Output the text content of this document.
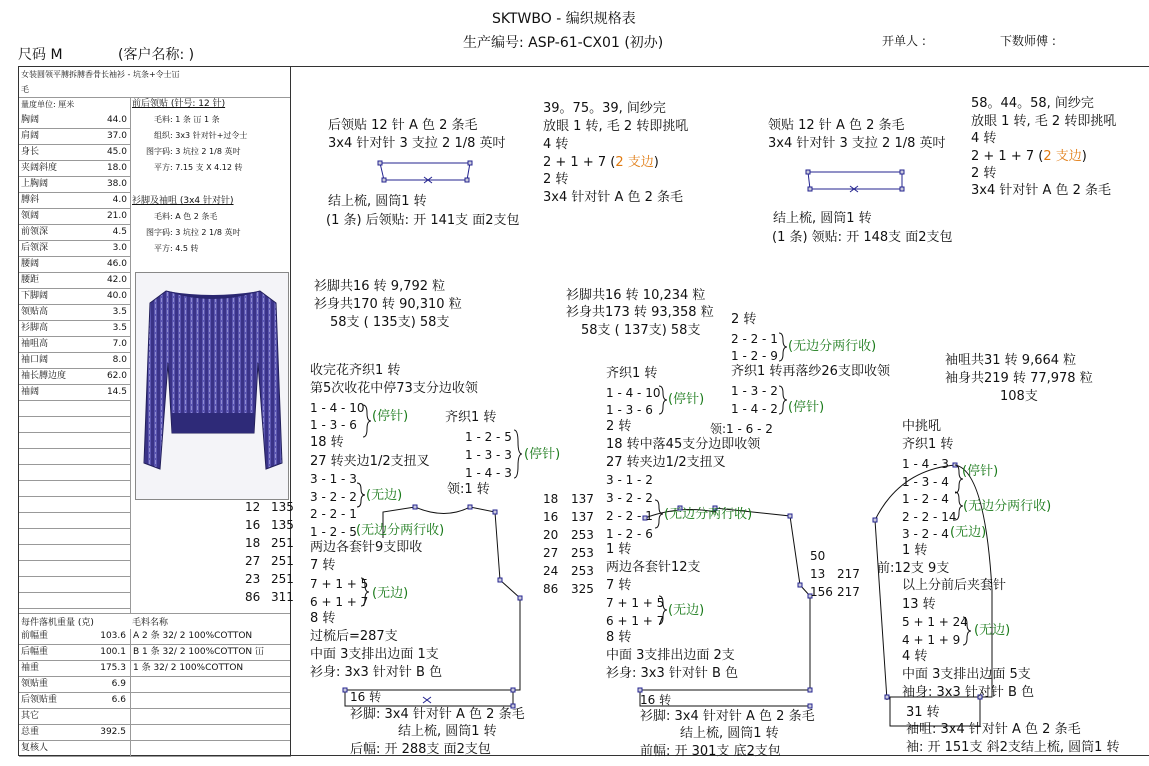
SKTWBO - 编织规格表
生产编号: ASP-61-CX01 (初办)	开单人 :	下数师傅 :
尺码 M	(客户名称: )
女装圆领平膊拆膊香骨长袖衫 - 坑条+令士冚
毛
量度单位: 厘米
胸阔	44.0
肩阔	37.0
身长	45.0
夹阔斜度	18.0
上胸阔	38.0
膊斜	4.0
领阔	21.0
前领深	4.5
后领深	3.0
腰阔	46.0
腰距	42.0
下脚阔	40.0
领贴高	3.5
衫脚高	3.5
袖咀高	7.0
袖口阔	8.0
袖长膊边度	62.0
袖阔	14.5
前后领贴 (针号: 12 针)
毛料: 1 条 冚 1 条
组织: 3x3 针对针+过令士
图字码: 3 坑拉 2 1/8 英吋
平方: 7.15 支 X 4.12 转
衫脚及袖咀 (3x4 针对针)
毛料: A 色 2 条毛
图字码: 3 坑拉 2 1/8 英吋
平方: 4.5 转
每件落机重量 (克)	毛料名称
前幅重	103.6 A 2 条 32/ 2 100%COTTON
后幅重	100.1 B 1 条 32/ 2 100%COTTON 冚
袖重	175.3 1 条 32/ 2 100%COTTON
领贴重	6.9
后领贴重	6.6
其它
总重	392.5
复核人
后领贴 12 针 A 色 2 条毛
3x4 针对针 3 支拉 2 1/8 英吋
结上梳, 圆筒1 转
(1 条) 后领贴: 开 141支 面2支包
39。75。39, 间纱完
放眼 1 转, 毛 2 转即挑吼
4 转
2 + 1 + 7 (2 支边)
2 转
3x4 针对针 A 色 2 条毛
领贴 12 针 A 色 2 条毛
3x4 针对针 3 支拉 2 1/8 英吋
结上梳, 圆筒1 转
(1 条) 领贴: 开 148支 面2支包
58。44。58, 间纱完
放眼 1 转, 毛 2 转即挑吼
4 转
2 + 1 + 7 (2 支边)
2 转
3x4 针对针 A 色 2 条毛
衫脚共16 转 9,792 粒
衫身共170 转 90,310 粒
58支 ( 135支) 58支
衫脚共16 转 10,234 粒
衫身共173 转 93,358 粒
58支 ( 137支) 58支
袖咀共31 转 9,664 粒
袖身共219 转 77,978 粒
108支
收完花齐织1 转
第5次收花中停73支分边收领
1 - 4 - 10
1 - 3 - 6
(停针)	齐织1 转
1 - 2 - 5
1 - 3 - 3
1 - 4 - 3
(停针)
领:1 转
18 转
27 转夹边1/2支扭叉
3 - 1 - 3
3 - 2 - 2 (无边)
2 - 2 - 1
1 - 2 - 5 (无边分两行收)
两边各套针9支即收
7 转
7 + 1 + 5
6 + 1 + 7
(无边)
8 转
过梳后=287支
中面 3支排出边面 1支
衫身: 3x3 针对针 B 色
16 转
衫脚: 3x4 针对针 A 色 2 条毛
结上梳, 圆筒1 转
后幅: 开 288支 面2支包
12 135
16 135
18 251
27 251
23 251
86 311
18 137
16 137
20 253
27 253
24 253
86 325
50
13 217
156 217
齐织1 转
1 - 4 - 10
1 - 3 - 6
(停针)
2 转
18 转中落45支分边即收领
27 转夹边1/2支扭叉
3 - 1 - 2
3 - 2 - 2
2 - 2 - 1
1 - 2 - 6
(无边分两行收)
1 转
两边各套针12支
7 转
7 + 1 + 5
6 + 1 + 7
(无边)
8 转
中面 3支排出边面 2支
衫身: 3x3 针对针 B 色
16 转
衫脚: 3x4 针对针 A 色 2 条毛
结上梳, 圆筒1 转
前幅: 开 301支 底2支包
2 转
2 - 2 - 1
1 - 2 - 9
(无边分两行收)
齐织1 转再落纱26支即收领
1 - 3 - 2
1 - 4 - 2 (停针)
领:1 - 6 - 2	中挑吼
齐织1 转
1 - 4 - 3 (停针)
1 - 3 - 4
1 - 2 - 4
2 - 2 - 14
(无边分两行收)
3 - 2 - 4 (无边)
1 转
前:12支 9支
以上分前后夹套针
13 转
5 + 1 + 24
4 + 1 + 9
(无边)
4 转
中面 3支排出边面 5支
袖身: 3x3 针对针 B 色
31 转
袖咀: 3x4 针对针 A 色 2 条毛
袖: 开 151支 斜2支结上梳, 圆筒1 转
